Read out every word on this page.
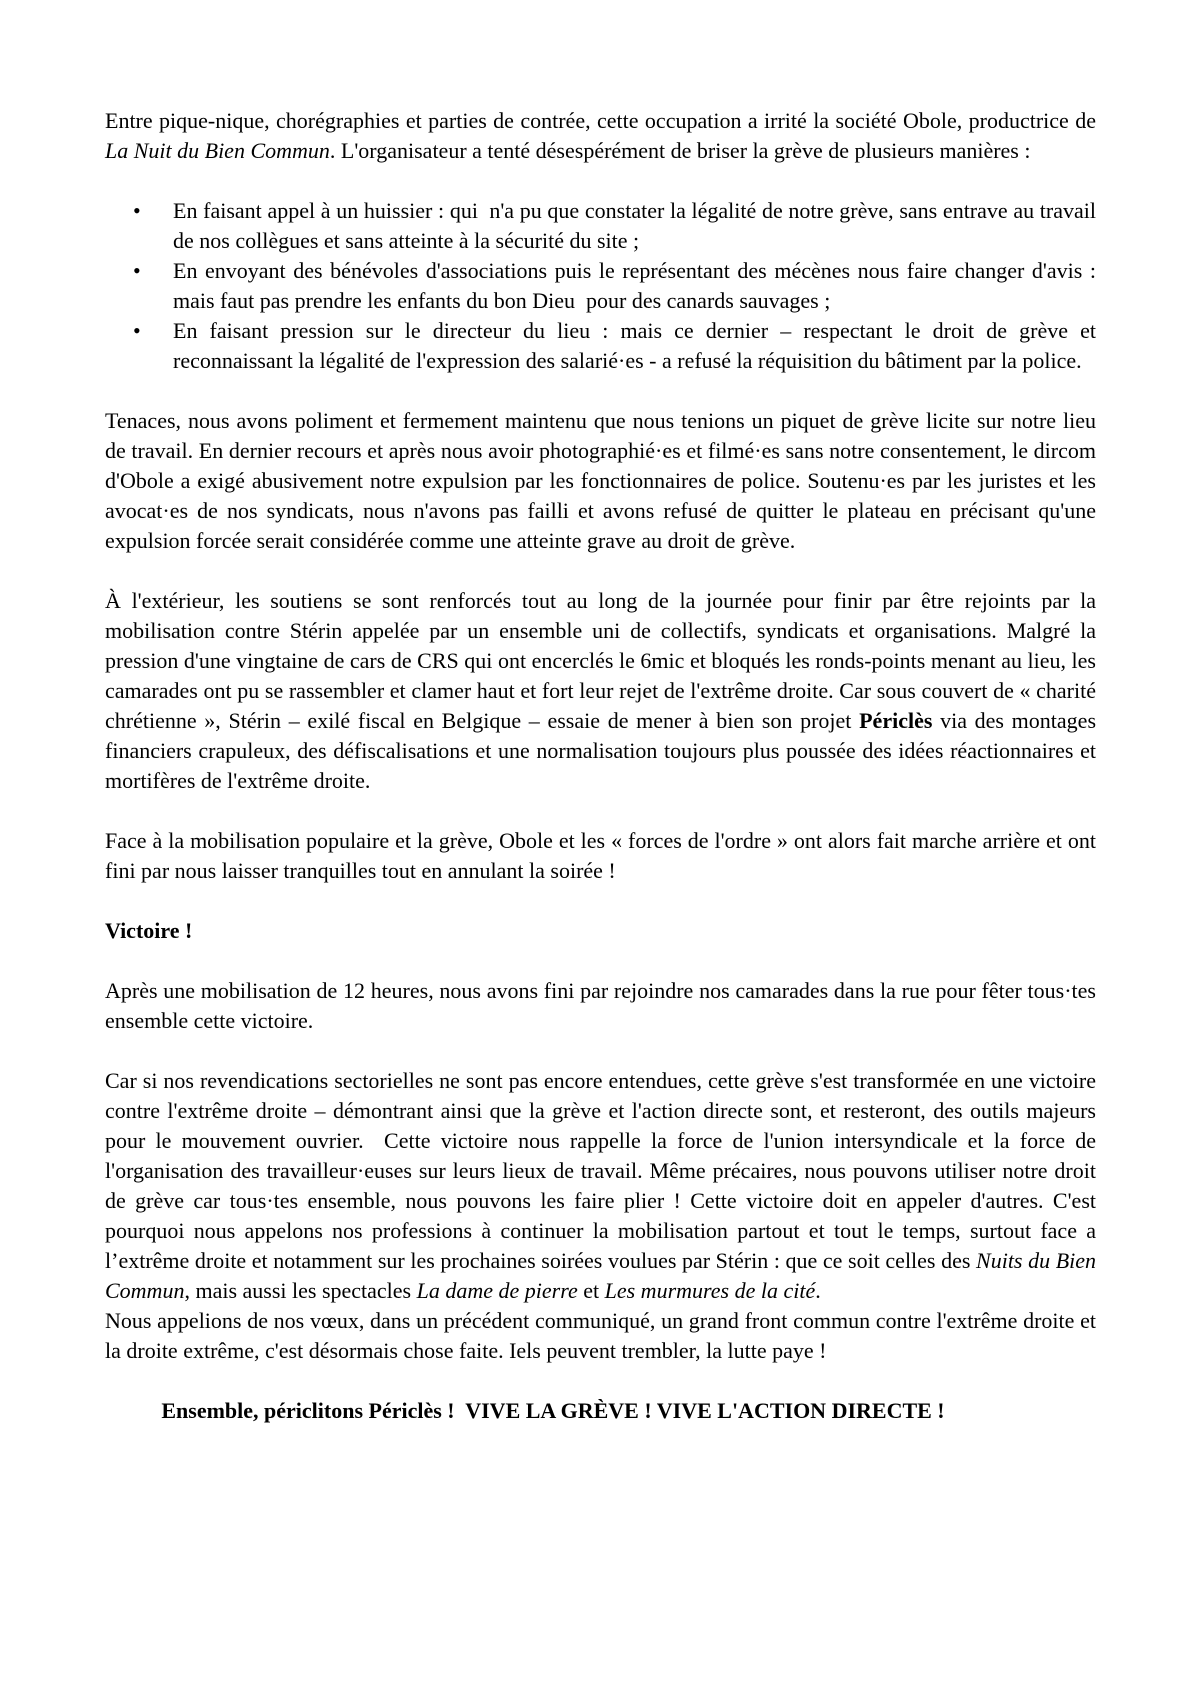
Entre pique-nique, chorégraphies et parties de contrée, cette occupation a irrité la société Obole, productrice de La Nuit du Bien Commun. L'organisateur a tenté désespérément de briser la grève de plusieurs manières :

• En faisant appel à un huissier : qui  n'a pu que constater la légalité de notre grève, sans entrave au travail de nos collègues et sans atteinte à la sécurité du site ;
• En envoyant des bénévoles d'associations puis le représentant des mécènes nous faire changer d'avis : mais faut pas prendre les enfants du bon Dieu  pour des canards sauvages ;
• En faisant pression sur le directeur du lieu : mais ce dernier – respectant le droit de grève et reconnaissant la légalité de l'expression des salarié·es - a refusé la réquisition du bâtiment par la police.

Tenaces, nous avons poliment et fermement maintenu que nous tenions un piquet de grève licite sur notre lieu de travail. En dernier recours et après nous avoir photographié·es et filmé·es sans notre consentement, le dircom d'Obole a exigé abusivement notre expulsion par les fonctionnaires de police. Soutenu·es par les juristes et les avocat·es de nos syndicats, nous n'avons pas failli et avons refusé de quitter le plateau en précisant qu'une expulsion forcée serait considérée comme une atteinte grave au droit de grève.

À l'extérieur, les soutiens se sont renforcés tout au long de la journée pour finir par être rejoints par la mobilisation contre Stérin appelée par un ensemble uni de collectifs, syndicats et organisations. Malgré la pression d'une vingtaine de cars de CRS qui ont encerclés le 6mic et bloqués les ronds-points menant au lieu, les camarades ont pu se rassembler et clamer haut et fort leur rejet de l'extrême droite. Car sous couvert de « charité chrétienne », Stérin – exilé fiscal en Belgique – essaie de mener à bien son projet Périclès via des montages financiers crapuleux, des défiscalisations et une normalisation toujours plus poussée des idées réactionnaires et mortifères de l'extrême droite.

Face à la mobilisation populaire et la grève, Obole et les « forces de l'ordre » ont alors fait marche arrière et ont fini par nous laisser tranquilles tout en annulant la soirée !

Victoire !

Après une mobilisation de 12 heures, nous avons fini par rejoindre nos camarades dans la rue pour fêter tous·tes ensemble cette victoire.

Car si nos revendications sectorielles ne sont pas encore entendues, cette grève s'est transformée en une victoire contre l'extrême droite – démontrant ainsi que la grève et l'action directe sont, et resteront, des outils majeurs pour le mouvement ouvrier.  Cette victoire nous rappelle la force de l'union intersyndicale et la force de l'organisation des travailleur·euses sur leurs lieux de travail. Même précaires, nous pouvons utiliser notre droit de grève car tous·tes ensemble, nous pouvons les faire plier ! Cette victoire doit en appeler d'autres. C'est pourquoi nous appelons nos professions à continuer la mobilisation partout et tout le temps, surtout face a l’extrême droite et notamment sur les prochaines soirées voulues par Stérin : que ce soit celles des Nuits du Bien Commun, mais aussi les spectacles La dame de pierre et Les murmures de la cité.

Nous appelions de nos vœux, dans un précédent communiqué, un grand front commun contre l'extrême droite et la droite extrême, c'est désormais chose faite. Iels peuvent trembler, la lutte paye !

Ensemble, périclitons Périclès !  VIVE LA GRÈVE ! VIVE L'ACTION DIRECTE !
